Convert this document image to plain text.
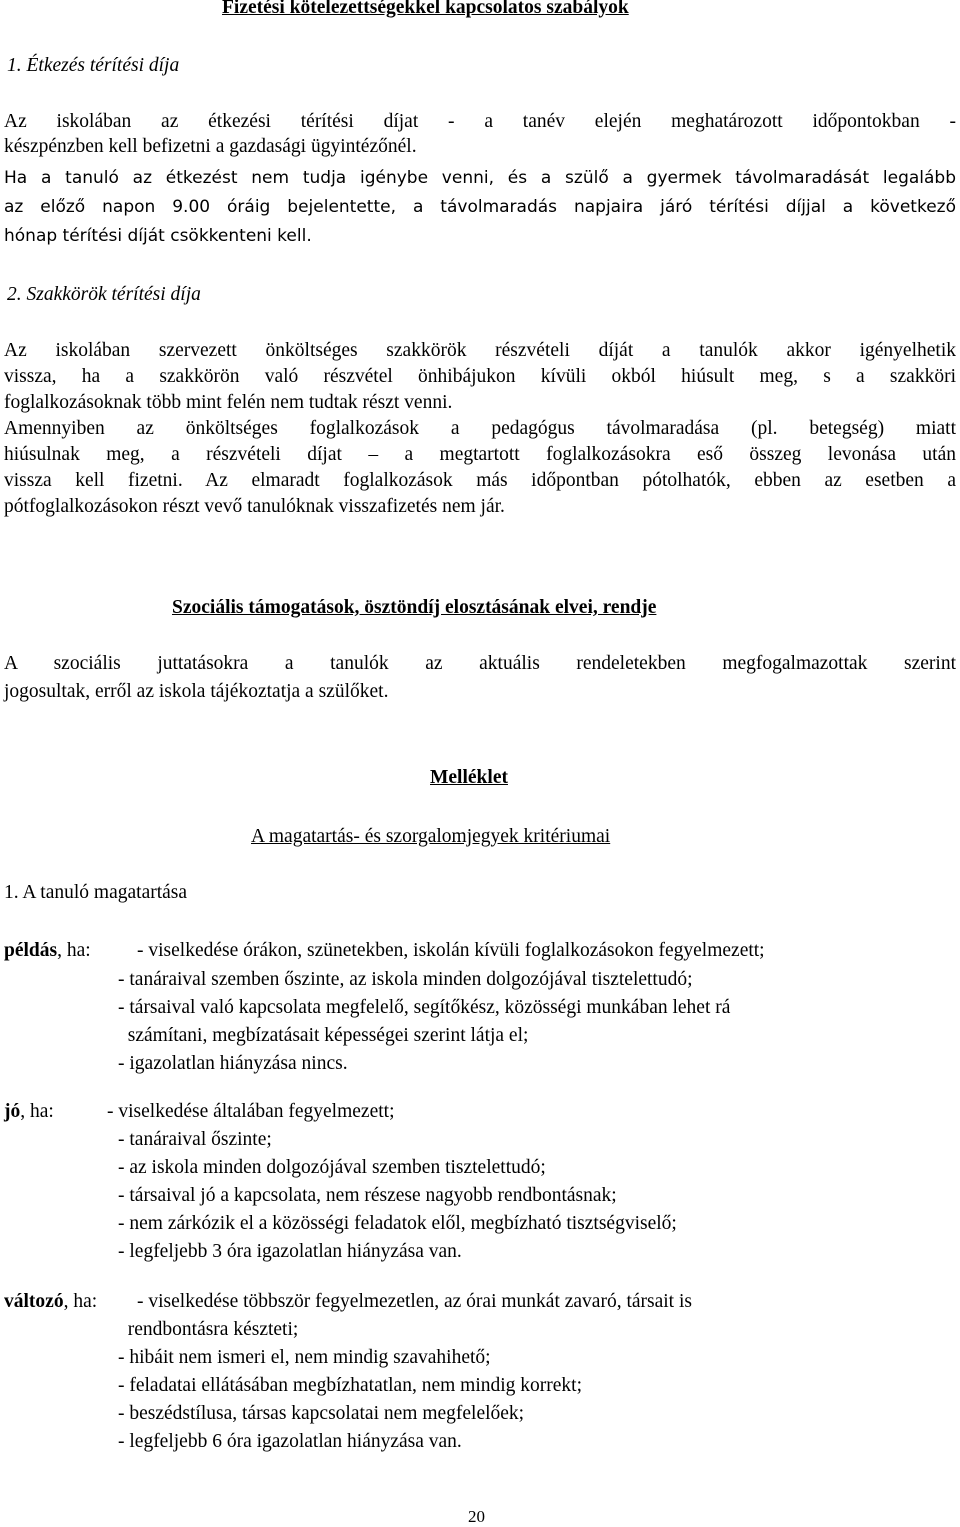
Fizetési kötelezettségekkel kapcsolatos szabályok
1. Étkezés térítési díja
Az iskolában az étkezési térítési díjat - a tanév elején meghatározott időpontokban -
készpénzben kell befizetni a gazdasági ügyintézőnél.
Ha a tanuló az étkezést nem tudja igénybe venni, és a szülő a gyermek távolmaradását legalább
az előző napon 9.00 óráig bejelentette, a távolmaradás napjaira járó térítési díjjal a következő
hónap térítési díját csökkenteni kell.
2. Szakkörök térítési díja
Az iskolában szervezett önköltséges szakkörök részvételi díját a tanulók akkor igényelhetik
vissza, ha a szakkörön való részvétel önhibájukon kívüli okból hiúsult meg, s a szakköri
foglalkozásoknak több mint felén nem tudtak részt venni.
Amennyiben az önköltséges foglalkozások a pedagógus távolmaradása (pl. betegség) miatt
hiúsulnak meg, a részvételi díjat – a megtartott foglalkozásokra eső összeg levonása után
vissza kell fizetni. Az elmaradt foglalkozások más időpontban pótolhatók, ebben az esetben a
pótfoglalkozásokon részt vevő tanulóknak visszafizetés nem jár.
Szociális támogatások, ösztöndíj elosztásának elvei, rendje
A szociális juttatásokra a tanulók az aktuális rendeletekben megfogalmazottak szerint
jogosultak, erről az iskola tájékoztatja a szülőket.
Melléklet
A magatartás- és szorgalomjegyek kritériumai
1. A tanuló magatartása
példás, ha: - viselkedése órákon, szünetekben, iskolán kívüli foglalkozásokon fegyelmezett;
- tanáraival szemben őszinte, az iskola minden dolgozójával tisztelettudó;
- társaival való kapcsolata megfelelő, segítőkész, közösségi munkában lehet rá
számítani, megbízatásait képességei szerint látja el;
- igazolatlan hiányzása nincs.
jó, ha:	- viselkedése általában fegyelmezett;
- tanáraival őszinte;
- az iskola minden dolgozójával szemben tisztelettudó;
- társaival jó a kapcsolata, nem részese nagyobb rendbontásnak;
- nem zárkózik el a közösségi feladatok elől, megbízható tisztségviselő;
- legfeljebb 3 óra igazolatlan hiányzása van.
változó, ha: - viselkedése többször fegyelmezetlen, az órai munkát zavaró, társait is
rendbontásra készteti;
- hibáit nem ismeri el, nem mindig szavahihető;
- feladatai ellátásában megbízhatatlan, nem mindig korrekt;
- beszédstílusa, társas kapcsolatai nem megfelelőek;
- legfeljebb 6 óra igazolatlan hiányzása van.
20
